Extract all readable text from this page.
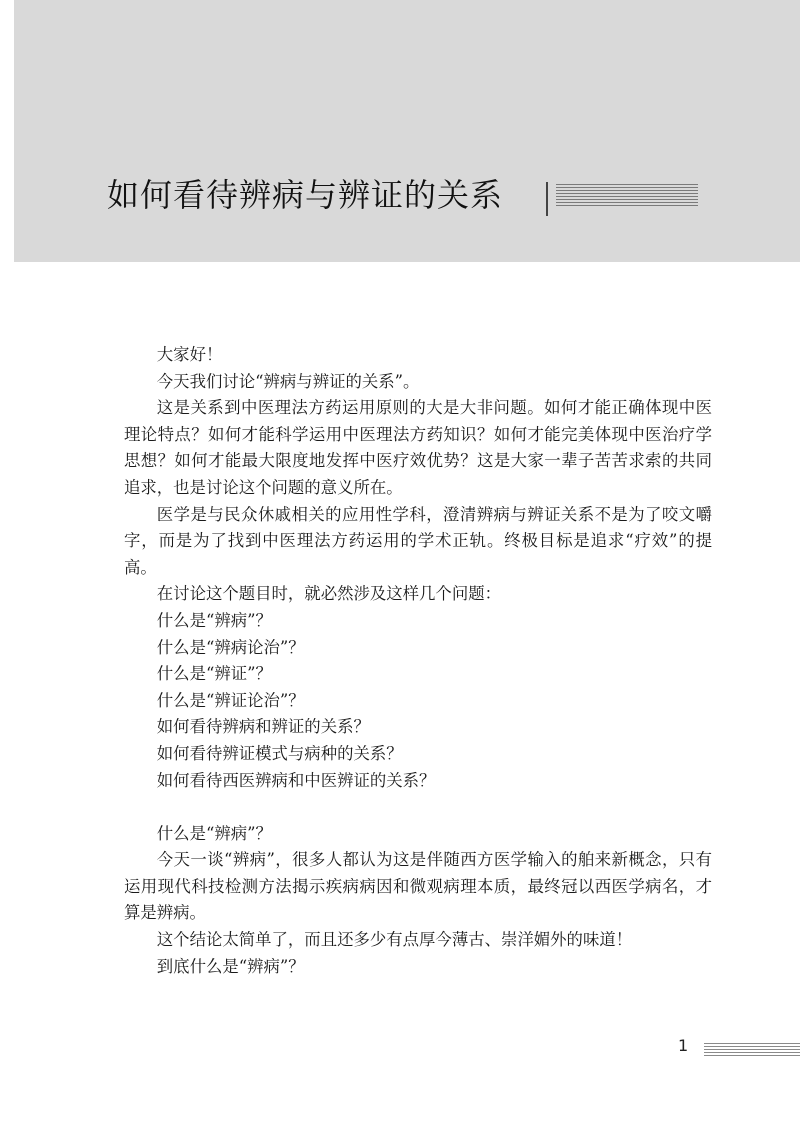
如何看待辨病与辨证的关系

大家好！

今天我们讨论“辨病与辨证的关系”。

这是关系到中医理法方药运用原则的大是大非问题。如何才能正确体现中医理论特点？如何才能科学运用中医理法方药知识？如何才能完美体现中医治疗学思想？如何才能最大限度地发挥中医疗效优势？这是大家一辈子苦苦求索的共同追求，也是讨论这个问题的意义所在。

医学是与民众休戚相关的应用性学科，澄清辨病与辨证关系不是为了咬文嚼字，而是为了找到中医理法方药运用的学术正轨。终极目标是追求“疗效”的提高。

在讨论这个题目时，就必然涉及这样几个问题：

什么是“辨病”？

什么是“辨病论治”？

什么是“辨证”？

什么是“辨证论治”？

如何看待辨病和辨证的关系？

如何看待辨证模式与病种的关系？

如何看待西医辨病和中医辨证的关系？

什么是“辨病”？

今天一谈“辨病”，很多人都认为这是伴随西方医学输入的舶来新概念，只有运用现代科技检测方法揭示疾病病因和微观病理本质，最终冠以西医学病名，才算是辨病。

这个结论太简单了，而且还多少有点厚今薄古、崇洋媚外的味道！

到底什么是“辨病”？

1
